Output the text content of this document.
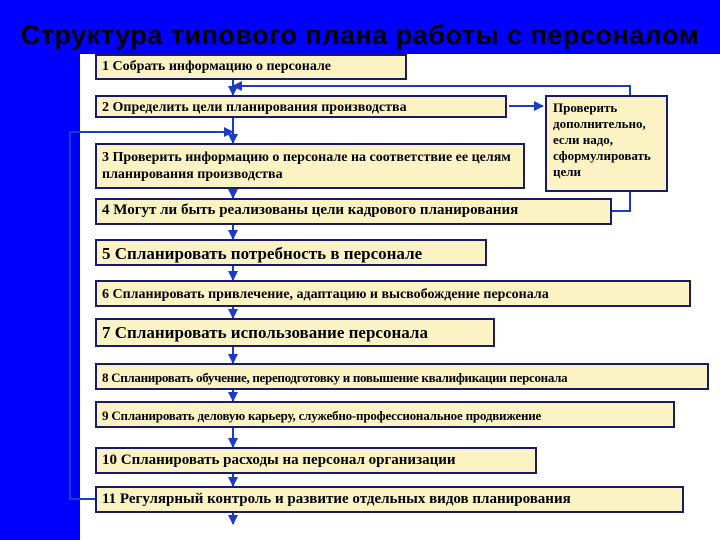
Структура типового плана работы с персоналом
1 Собрать информацию о персонале
2 Определить цели планирования производства	Проверить дополнительно, если надо, сформулировать цели
3 Проверить информацию о персонале на соответствие ее целям планирования производства
4 Могут ли быть реализованы цели кадрового планирования
5 Спланировать потребность в персонале
6 Спланировать привлечение, адаптацию и высвобождение персонала
7 Спланировать использование персонала
8 Спланировать обучение, переподготовку и повышение квалификации персонала
9 Спланировать деловую карьеру, служебно-профессиональное продвижение
10 Спланировать расходы на персонал организации
11 Регулярный контроль и развитие отдельных видов планирования
